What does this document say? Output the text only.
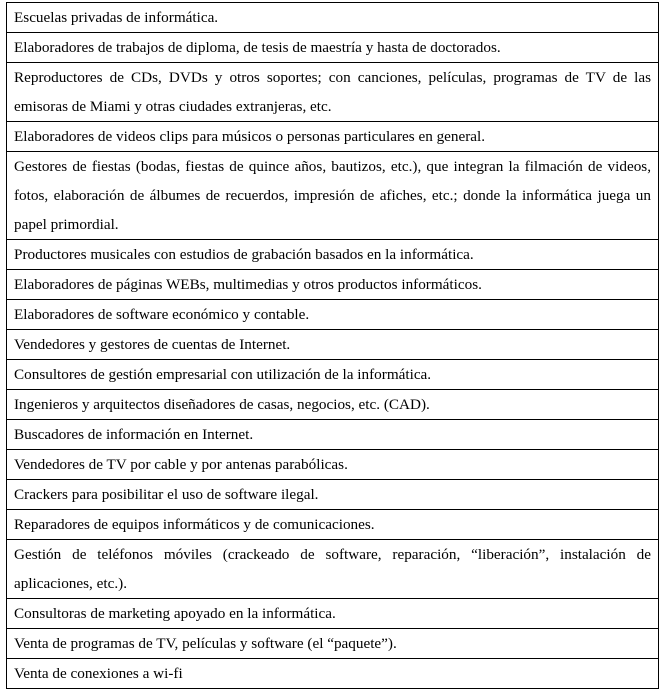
Escuelas privadas de informática.
Elaboradores de trabajos de diploma, de tesis de maestría y hasta de doctorados.
Reproductores de CDs, DVDs y otros soportes; con canciones, películas, programas de TV de las emisoras de Miami y otras ciudades extranjeras, etc.
Elaboradores de videos clips para músicos o personas particulares en general.
Gestores de fiestas (bodas, fiestas de quince años, bautizos, etc.), que integran la filmación de videos, fotos, elaboración de álbumes de recuerdos, impresión de afiches, etc.; donde la informática juega un papel primordial.
Productores musicales con estudios de grabación basados en la informática.
Elaboradores de páginas WEBs, multimedias y otros productos informáticos.
Elaboradores de software económico y contable.
Vendedores y gestores de cuentas de Internet.
Consultores de gestión empresarial con utilización de la informática.
Ingenieros y arquitectos diseñadores de casas, negocios, etc. (CAD).
Buscadores de información en Internet.
Vendedores de TV por cable y por antenas parabólicas.
Crackers para posibilitar el uso de software ilegal.
Reparadores de equipos informáticos y de comunicaciones.
Gestión de teléfonos móviles (crackeado de software, reparación, “liberación”, instalación de aplicaciones, etc.).
Consultoras de marketing apoyado en la informática.
Venta de programas de TV, películas y software (el “paquete”).
Venta de conexiones a wi-fi
